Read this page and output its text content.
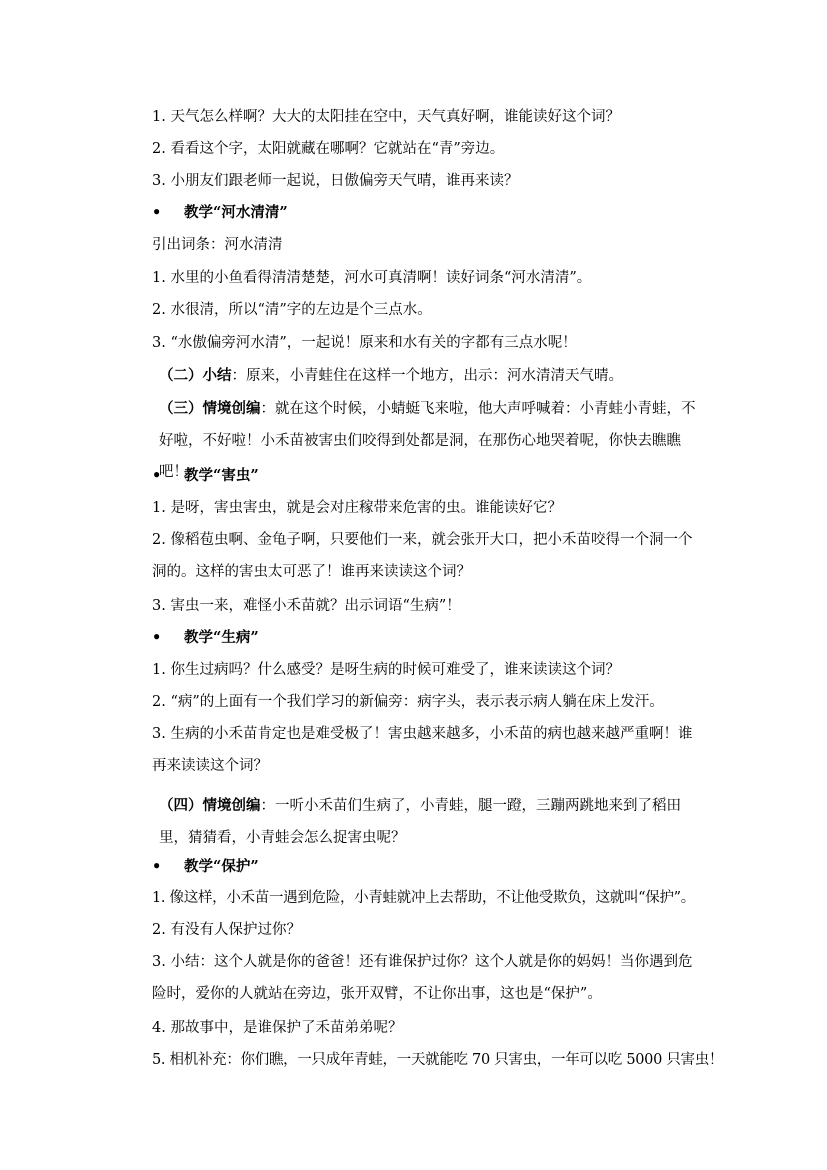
1. 天气怎么样啊？大大的太阳挂在空中，天气真好啊，谁能读好这个词？
2. 看看这个字，太阳就藏在哪啊？它就站在“青”旁边。
3. 小朋友们跟老师一起说，日傲偏旁天气晴，谁再来读？
• 教学“河水清清”
引出词条：河水清清
1. 水里的小鱼看得清清楚楚，河水可真清啊！读好词条“河水清清”。
2. 水很清，所以“清”字的左边是个三点水。
3. “水傲偏旁河水清”，一起说！原来和水有关的字都有三点水呢！
（二）小结：原来，小青蛙住在这样一个地方，出示：河水清清天气晴。
（三）情境创编：就在这个时候，小蜻蜓飞来啦，他大声呼喊着：小青蛙小青蛙，不好啦，不好啦！小禾苗被害虫们咬得到处都是洞，在那伤心地哭着呢，你快去瞧瞧吧！
• 教学“害虫”
1. 是呀，害虫害虫，就是会对庄稼带来危害的虫。谁能读好它？
2. 像稻苞虫啊、金龟子啊，只要他们一来，就会张开大口，把小禾苗咬得一个洞一个洞的。这样的害虫太可恶了！谁再来读读这个词？
3. 害虫一来，难怪小禾苗就？出示词语“生病”！
• 教学“生病”
1. 你生过病吗？什么感受？是呀生病的时候可难受了，谁来读读这个词？
2. “病”的上面有一个我们学习的新偏旁：病字头，表示表示病人躺在床上发汗。
3. 生病的小禾苗肯定也是难受极了！害虫越来越多，小禾苗的病也越来越严重啊！谁再来读读这个词？
（四）情境创编：一听小禾苗们生病了，小青蛙，腿一蹬，三蹦两跳地来到了稻田里，猜猜看，小青蛙会怎么捉害虫呢？
• 教学“保护”
1. 像这样，小禾苗一遇到危险，小青蛙就冲上去帮助，不让他受欺负，这就叫“保护”。
2. 有没有人保护过你？
3. 小结：这个人就是你的爸爸！还有谁保护过你？这个人就是你的妈妈！当你遇到危险时，爱你的人就站在旁边，张开双臂，不让你出事，这也是“保护”。
4. 那故事中，是谁保护了禾苗弟弟呢？
5. 相机补充：你们瞧，一只成年青蛙，一天就能吃 70 只害虫，一年可以吃 5000 只害虫！
